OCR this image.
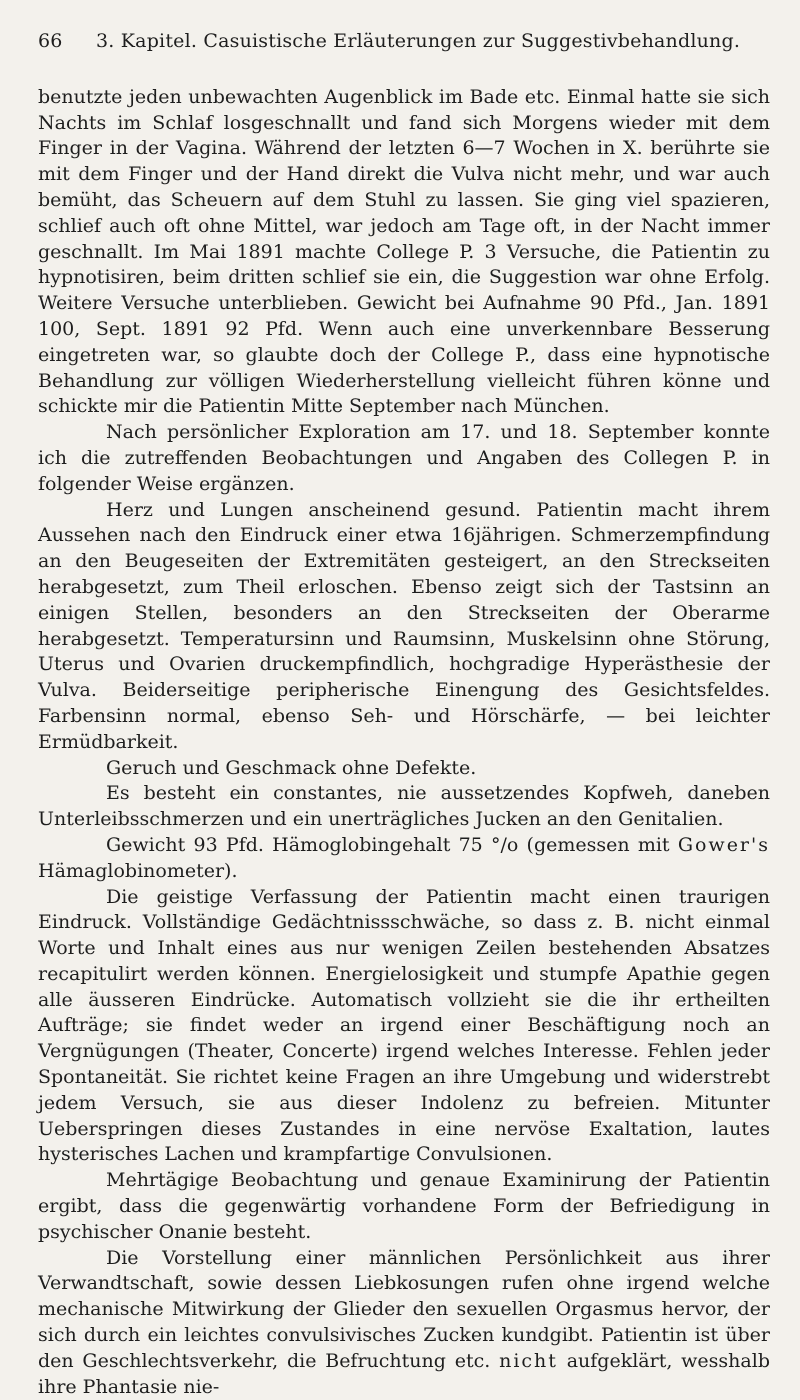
66 3. Kapitel. Casuistische Erläuterungen zur Suggestivbehandlung.

benutzte jeden unbewachten Augenblick im Bade etc. Einmal hatte sie sich Nachts im Schlaf losgeschnallt und fand sich Morgens wieder mit dem Finger in der Vagina. Während der letzten 6—7 Wochen in X. berührte sie mit dem Finger und der Hand direkt die Vulva nicht mehr, und war auch bemüht, das Scheuern auf dem Stuhl zu lassen. Sie ging viel spazieren, schlief auch oft ohne Mittel, war jedoch am Tage oft, in der Nacht immer geschnallt. Im Mai 1891 machte College P. 3 Versuche, die Patientin zu hypnotisiren, beim dritten schlief sie ein, die Suggestion war ohne Erfolg. Weitere Versuche unterblieben. Gewicht bei Aufnahme 90 Pfd., Jan. 1891 100, Sept. 1891 92 Pfd. Wenn auch eine unverkennbare Besserung eingetreten war, so glaubte doch der College P., dass eine hypnotische Behandlung zur völligen Wiederherstellung vielleicht führen könne und schickte mir die Patientin Mitte September nach München.

Nach persönlicher Exploration am 17. und 18. September konnte ich die zutreffenden Beobachtungen und Angaben des Collegen P. in folgender Weise ergänzen.

Herz und Lungen anscheinend gesund. Patientin macht ihrem Aussehen nach den Eindruck einer etwa 16jährigen. Schmerzempfindung an den Beugeseiten der Extremitäten gesteigert, an den Streckseiten herabgesetzt, zum Theil erloschen. Ebenso zeigt sich der Tastsinn an einigen Stellen, besonders an den Streckseiten der Oberarme herabgesetzt. Temperatursinn und Raumsinn, Muskelsinn ohne Störung, Uterus und Ovarien druckempfindlich, hochgradige Hyperästhesie der Vulva. Beiderseitige peripherische Einengung des Gesichtsfeldes. Farbensinn normal, ebenso Seh- und Hörschärfe, — bei leichter Ermüdbarkeit.

Geruch und Geschmack ohne Defekte.

Es besteht ein constantes, nie aussetzendes Kopfweh, daneben Unterleibsschmerzen und ein unerträgliches Jucken an den Genitalien.

Gewicht 93 Pfd. Hämoglobingehalt 75 °/o (gemessen mit Gower's Hämaglobinometer).

Die geistige Verfassung der Patientin macht einen traurigen Eindruck. Vollständige Gedächtnissschwäche, so dass z. B. nicht einmal Worte und Inhalt eines aus nur wenigen Zeilen bestehenden Absatzes recapitulirt werden können. Energielosigkeit und stumpfe Apathie gegen alle äusseren Eindrücke. Automatisch vollzieht sie die ihr ertheilten Aufträge; sie findet weder an irgend einer Beschäftigung noch an Vergnügungen (Theater, Concerte) irgend welches Interesse. Fehlen jeder Spontaneität. Sie richtet keine Fragen an ihre Umgebung und widerstrebt jedem Versuch, sie aus dieser Indolenz zu befreien. Mitunter Ueberspringen dieses Zustandes in eine nervöse Exaltation, lautes hysterisches Lachen und krampfartige Convulsionen.

Mehrtägige Beobachtung und genaue Examinirung der Patientin ergibt, dass die gegenwärtig vorhandene Form der Befriedigung in psychischer Onanie besteht.

Die Vorstellung einer männlichen Persönlichkeit aus ihrer Verwandtschaft, sowie dessen Liebkosungen rufen ohne irgend welche mechanische Mitwirkung der Glieder den sexuellen Orgasmus hervor, der sich durch ein leichtes convulsivisches Zucken kundgibt. Patientin ist über den Geschlechtsverkehr, die Befruchtung etc. nicht aufgeklärt, wesshalb ihre Phantasie nie-
